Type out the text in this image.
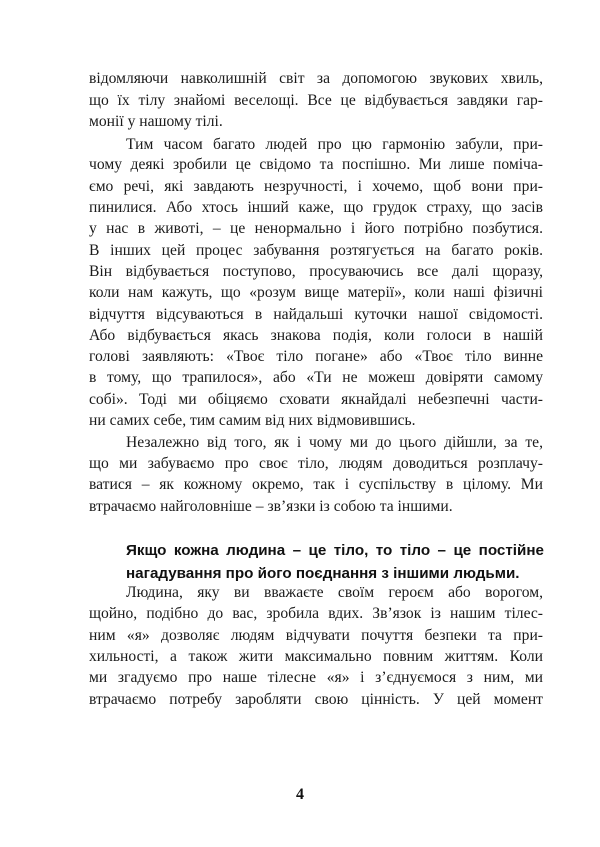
відомляючи навколишній світ за допомогою звукових хвиль,
що їх тілу знайомі веселощі. Все це відбувається завдяки гар-
монії у нашому тілі.
Тим часом багато людей про цю гармонію забули, при-
чому деякі зробили це свідомо та поспішно. Ми лише поміча-
ємо речі, які завдають незручності, і хочемо, щоб вони при-
пинилися. Або хтось інший каже, що грудок страху, що засів
у нас в животі, – це ненормально і його потрібно позбутися.
В інших цей процес забування розтягується на багато років.
Він відбувається поступово, просуваючись все далі щоразу,
коли нам кажуть, що «розум вище матерії», коли наші фізичні
відчуття відсуваються в найдальші куточки нашої свідомості.
Або відбувається якась знакова подія, коли голоси в нашій
голові заявляють: «Твоє тіло погане» або «Твоє тіло винне
в тому, що трапилося», або «Ти не можеш довіряти самому
собі». Тоді ми обіцяємо сховати якнайдалі небезпечні части-
ни самих себе, тим самим від них відмовившись.
Незалежно від того, як і чому ми до цього дійшли, за те,
що ми забуваємо про своє тіло, людям доводиться розплачу-
ватися – як кожному окремо, так і суспільству в цілому. Ми
втрачаємо найголовніше – зв’язки із собою та іншими.
Якщо кожна людина – це тіло, то тіло – це постійне
нагадування про його поєднання з іншими людьми.
Людина, яку ви вважаєте своїм героєм або ворогом,
щойно, подібно до вас, зробила вдих. Зв’язок із нашим тілес-
ним «я» дозволяє людям відчувати почуття безпеки та при-
хильності, а також жити максимально повним життям. Коли
ми згадуємо про наше тілесне «я» і з’єднуємося з ним, ми
втрачаємо потребу заробляти свою цінність. У цей момент
4
